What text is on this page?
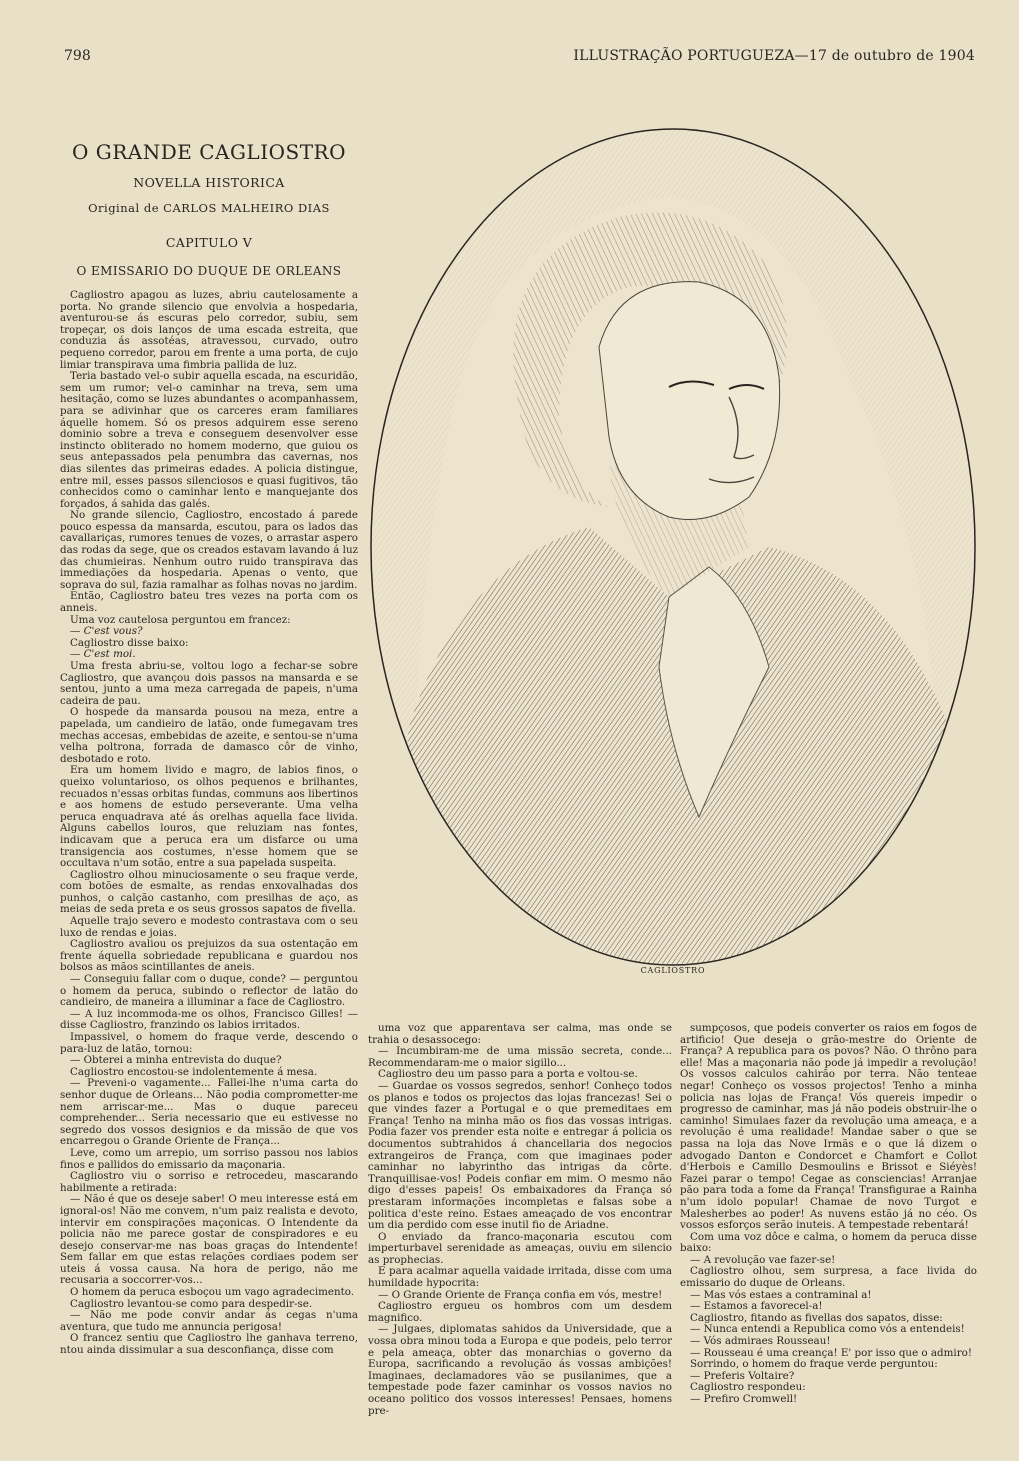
798	ILLUSTRAÇÃO PORTUGUEZA—17 de outubro de 1904
O GRANDE CAGLIOSTRO
NOVELLA HISTORICA
Original de CARLOS MALHEIRO DIAS
CAPITULO V
O EMISSARIO DO DUQUE DE ORLEANS

Cagliostro apagou as luzes, abriu cautelosamente a porta. No grande silencio que envolvia a hospedaria, aventurou-se ás escuras pelo corredor, subiu, sem tropeçar, os dois lanços de uma escada estreita, que conduzia ás assotéas, atravessou, curvado, outro pequeno corredor, parou em frente a uma porta, de cujo limiar transpirava uma fimbria pallida de luz.

Teria bastado vel-o subir aquella escada, na escuridão, sem um rumor; vel-o caminhar na treva, sem uma hesitação, como se luzes abundantes o acompanhassem, para se adivinhar que os carceres eram familiares áquelle homem. Só os presos adquirem esse sereno dominio sobre a treva e conseguem desenvolver esse instincto obliterado no homem moderno, que guiou os seus antepassados pela penumbra das cavernas, nos dias silentes das primeiras edades. A policia distingue, entre mil, esses passos silenciosos e quasi fugitivos, tão conhecidos como o caminhar lento e manquejante dos forçados, á sahida das galés.

No grande silencio, Cagliostro, encostado á parede pouco espessa da mansarda, escutou, para os lados das cavallariças, rumores tenues de vozes, o arrastar aspero das rodas da sege, que os creados estavam lavando á luz das chumieiras. Nenhum outro ruido transpirava das immediações da hospedaria. Apenas o vento, que soprava do sul, fazia ramalhar as folhas novas no jardim.

Então, Cagliostro bateu tres vezes na porta com os anneis.

Uma voz cautelosa perguntou em francez:

— C'est vous?

Cagliostro disse baixo:

— C'est moi.

Uma fresta abriu-se, voltou logo a fechar-se sobre Cagliostro, que avançou dois passos na mansarda e se sentou, junto a uma meza carregada de papeis, n'uma cadeira de pau.

O hospede da mansarda pousou na meza, entre a papelada, um candieiro de latão, onde fumegavam tres mechas accesas, embebidas de azeite, e sentou-se n'uma velha poltrona, forrada de damasco côr de vinho, desbotado e roto.

Era um homem livido e magro, de labios finos, o queixo voluntarioso, os olhos pequenos e brilhantes, recuados n'essas orbitas fundas, communs aos libertinos e aos homens de estudo perseverante. Uma velha peruca enquadrava até ás orelhas aquella face livida. Alguns cabellos louros, que reluziam nas fontes, indicavam que a peruca era um disfarce ou uma transigencia aos costumes, n'esse homem que se occultava n'um sotão, entre a sua papelada suspeita.

Cagliostro olhou minuciosamente o seu fraque verde, com botões de esmalte, as rendas enxovalhadas dos punhos, o calção castanho, com presilhas de aço, as meias de seda preta e os seus grossos sapatos de fivella.

Aquelle trajo severo e modesto contrastava com o seu luxo de rendas e joias.

Cagliostro avaliou os prejuizos da sua ostentação em frente áquella sobriedade republicana e guardou nos bolsos as mãos scintillantes de aneis.

— Conseguiu fallar com o duque, conde? — perguntou o homem da peruca, subindo o reflector de latão do candieiro, de maneira a illuminar a face de Cagliostro.

— A luz incommoda-me os olhos, Francisco Gilles! — disse Cagliostro, franzindo os labios irritados.

Impassivel, o homem do fraque verde, descendo o para-luz de latão, tornou:

— Obterei a minha entrevista do duque?

Cagliostro encostou-se indolentemente á mesa.

— Preveni-o vagamente... Fallei-lhe n'uma carta do senhor duque de Orleans... Não podia comprometter-me nem arriscar-me... Mas o duque pareceu comprehender... Seria necessario que eu estivesse no segredo dos vossos designios e da missão de que vos encarregou o Grande Oriente de França...

Leve, como um arrepio, um sorriso passou nos labios finos e pallidos do emissario da maçonaria.

Cagliostro viu o sorriso e retrocedeu, mascarando habilmente a retirada:

— Não é que os deseje saber! O meu interesse está em ignoral-os! Não me convem, n'um paiz realista e devoto, intervir em conspirações maçonicas. O Intendente da policia não me parece gostar de conspiradores e eu desejo conservar-me nas boas graças do Intendente! Sem fallar em que estas relações cordiaes podem ser uteis á vossa causa. Na hora de perigo, não me recusaria a soccorrer-vos...

O homem da peruca esboçou um vago agradecimento.

Cagliostro levantou-se como para despedir-se.

— Não me pode convir andar ás cegas n'uma aventura, que tudo me annuncia perigosa!

O francez sentiu que Cagliostro lhe ganhava terreno, ntou ainda dissimular a sua desconfiança, disse com

CAGLIOSTRO

uma voz que apparentava ser calma, mas onde se trahia o desassocego:

— Incumbiram-me de uma missão secreta, conde... Recommendaram-me o maior sigillo...

Cagliostro deu um passo para a porta e voltou-se.

— Guardae os vossos segredos, senhor! Conheço todos os planos e todos os projectos das lojas francezas! Sei o que vindes fazer a Portugal e o que premeditaes em França! Tenho na minha mão os fios das vossas intrigas. Podia fazer vos prender esta noite e entregar á policia os documentos subtrahidos á chancellaria dos negocios extrangeiros de França, com que imaginaes poder caminhar no labyrintho das intrigas da côrte. Tranquillisae-vos! Podeis confiar em mim. O mesmo não digo d'esses papeis! Os embaixadores da França só prestaram informações incompletas e falsas sobe a politica d'este reino. Estaes ameaçado de vos encontrar um dia perdido com esse inutil fio de Ariadne.

O enviado da franco-maçonaria escutou com imperturbavel serenidade as ameaças, ouviu em silencio as prophecias.

E para acalmar aquella vaidade irritada, disse com uma humildade hypocrita:

— O Grande Oriente de França confia em vós, mestre!

Cagliostro ergueu os hombros com um desdem magnifico.

— Julgaes, diplomatas sahidos da Universidade, que a vossa obra minou toda a Europa e que podeis, pelo terror e pela ameaça, obter das monarchias o governo da Europa, sacrificando a revolução ás vossas ambições! Imaginaes, declamadores vão se pusilanimes, que a tempestade pode fazer caminhar os vossos navios no oceano politico dos vossos interesses! Pensaes, homens pre-

sumpçosos, que podeis converter os raios em fogos de artificio! Que deseja o grão-mestre do Oriente de França? A republica para os povos? Não. O thrôno para elle! Mas a maçonaria não pode já impedir a revolução! Os vossos calculos cahirão por terra. Não tenteae negar! Conheço os vossos projectos! Tenho a minha policia nas lojas de França! Vós quereis impedir o progresso de caminhar, mas já não podeis obstruir-lhe o caminho! Simulaes fazer da revolução uma ameaça, e a revolução é uma realidade! Mandae saber o que se passa na loja das Nove Irmãs e o que lá dizem o advogado Danton e Condorcet e Chamfort e Collot d'Herbois e Camillo Desmoulins e Brissot e Siéyès! Fazei parar o tempo! Cegae as consciencias! Arranjae pão para toda a fome da França! Transfigurae a Rainha n'um idolo popular! Chamae de novo Turgot e Malesherbes ao poder! As nuvens estão já no céo. Os vossos esforços serão inuteis. A tempestade rebentará!

Com uma voz dôce e calma, o homem da peruca disse baixo:

— A revolução vae fazer-se!

Cagliostro olhou, sem surpresa, a face livida do emissario do duque de Orleans.

— Mas vós estaes a contraminal a!

— Estamos a favorecel-a!

Cagliostro, fitando as fivellas dos sapatos, disse:

— Nunca entendi a Republica como vós a entendeis!

— Vós admiraes Rousseau!

— Rousseau é uma creança! E' por isso que o admiro!

Sorrindo, o homem do fraque verde perguntou:

— Preferis Voltaire?

Cagliostro respondeu:

— Prefiro Cromwell!
